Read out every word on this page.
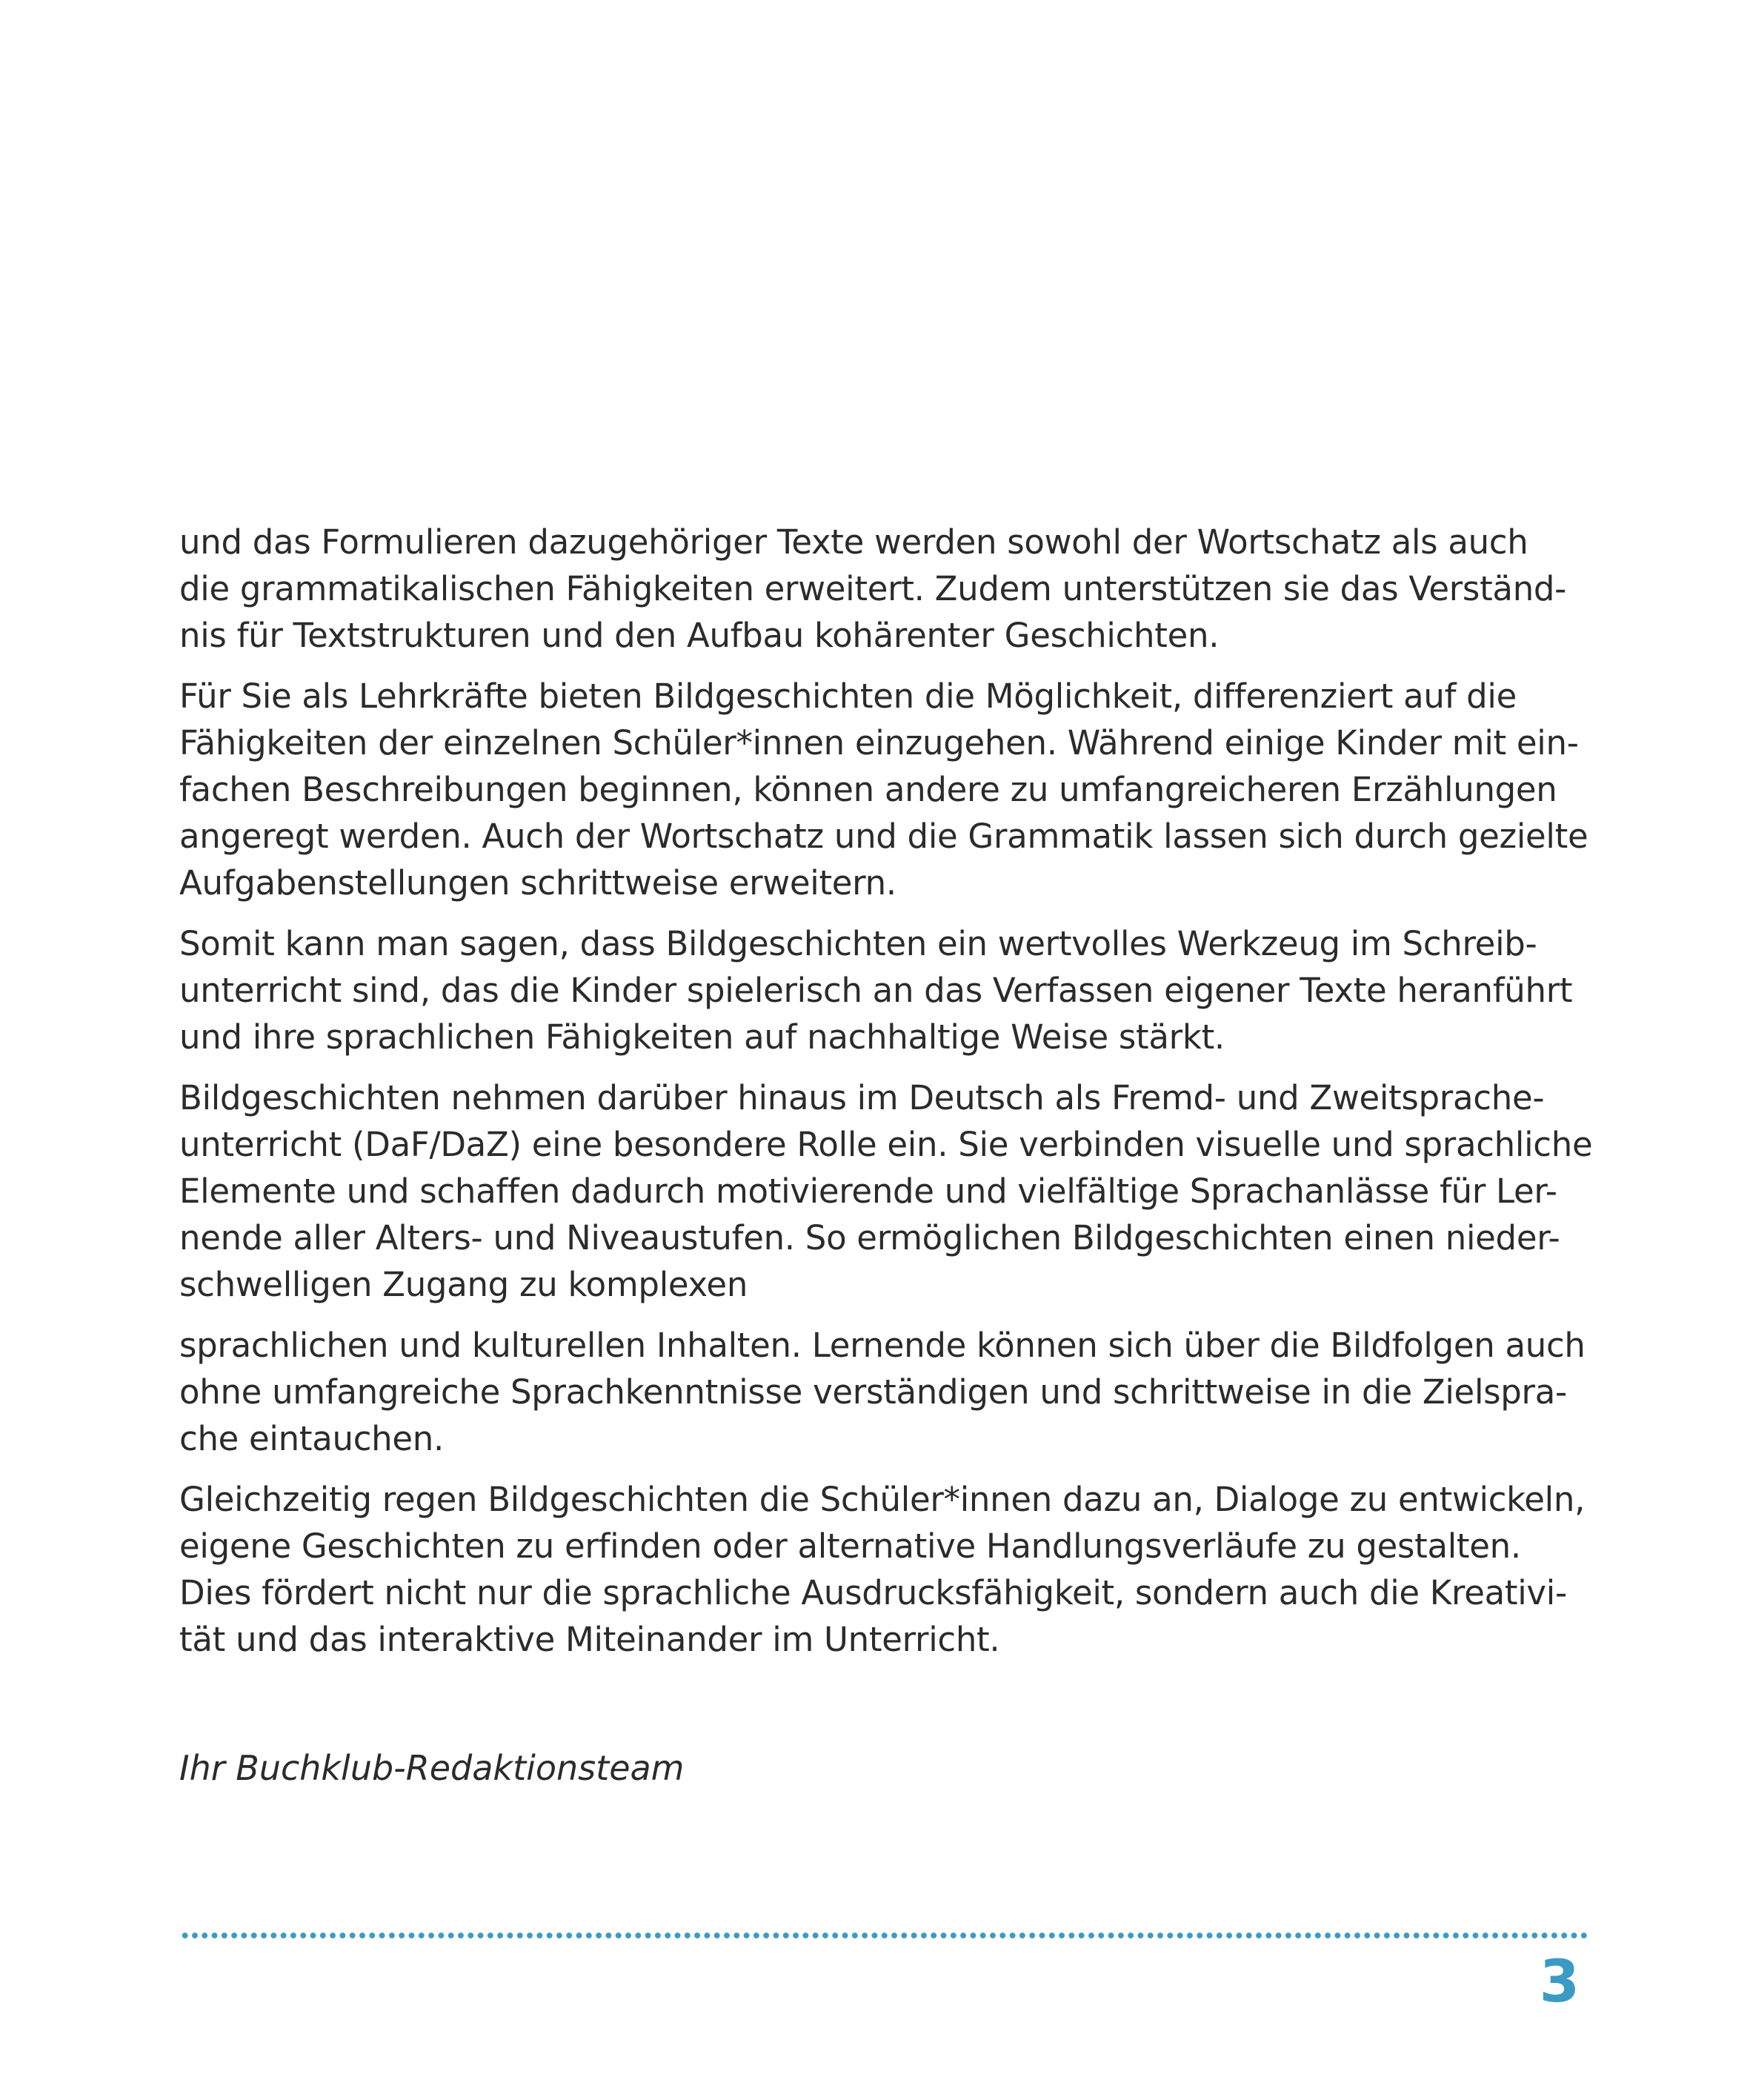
und das Formulieren dazugehöriger Texte werden sowohl der Wortschatz als auch
die grammatikalischen Fähigkeiten erweitert. Zudem unterstützen sie das Verständ-
nis für Textstrukturen und den Aufbau kohärenter Geschichten.
Für Sie als Lehrkräfte bieten Bildgeschichten die Möglichkeit, differenziert auf die
Fähigkeiten der einzelnen Schüler*innen einzugehen. Während einige Kinder mit ein-
fachen Beschreibungen beginnen, können andere zu umfangreicheren Erzählungen
angeregt werden. Auch der Wortschatz und die Grammatik lassen sich durch gezielte
Aufgabenstellungen schrittweise erweitern.
Somit kann man sagen, dass Bildgeschichten ein wertvolles Werkzeug im Schreib-
unterricht sind, das die Kinder spielerisch an das Verfassen eigener Texte heranführt
und ihre sprachlichen Fähigkeiten auf nachhaltige Weise stärkt.
Bildgeschichten nehmen darüber hinaus im Deutsch als Fremd- und Zweitsprache-
unterricht (DaF/DaZ) eine besondere Rolle ein. Sie verbinden visuelle und sprachliche
Elemente und schaffen dadurch motivierende und vielfältige Sprachanlässe für Ler-
nende aller Alters- und Niveaustufen. So ermöglichen Bildgeschichten einen nieder-
schwelligen Zugang zu komplexen
sprachlichen und kulturellen Inhalten. Lernende können sich über die Bildfolgen auch
ohne umfangreiche Sprachkenntnisse verständigen und schrittweise in die Zielspra-
che eintauchen.
Gleichzeitig regen Bildgeschichten die Schüler*innen dazu an, Dialoge zu entwickeln,
eigene Geschichten zu erfinden oder alternative Handlungsverläufe zu gestalten.
Dies fördert nicht nur die sprachliche Ausdrucksfähigkeit, sondern auch die Kreativi-
tät und das interaktive Miteinander im Unterricht.
Ihr Buchklub-Redaktionsteam
3
